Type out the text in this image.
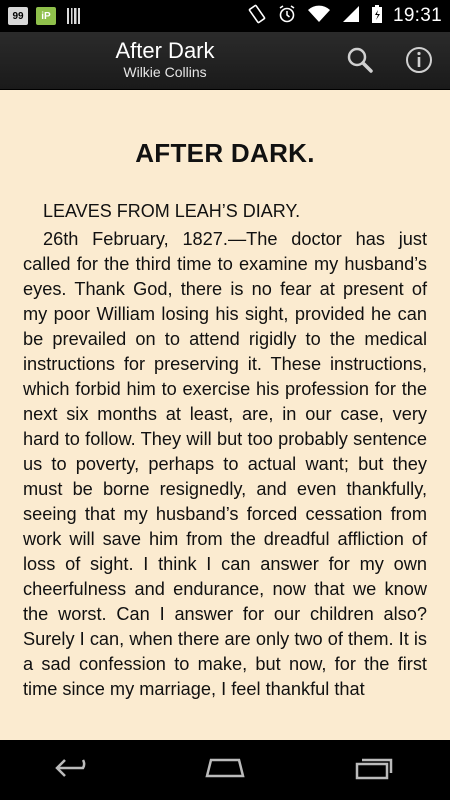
99	iP	19:31
After Dark
Wilkie Collins
AFTER DARK.
LEAVES FROM LEAH’S DIARY.
26th February, 1827.—The doctor has just called for the third time to examine my husband’s eyes. Thank God, there is no fear at present of my poor William losing his sight, provided he can be prevailed on to attend rigidly to the medical instructions for preserving it. These instructions, which forbid him to exercise his profession for the next six months at least, are, in our case, very hard to follow. They will but too probably sentence us to poverty, perhaps to actual want; but they must be borne resignedly, and even thankfully, seeing that my husband’s forced cessation from work will save him from the dreadful affliction of loss of sight. I think I can answer for my own cheerfulness and endurance, now that we know the worst. Can I answer for our children also? Surely I can, when there are only two of them. It is a sad confession to make, but now, for the first time since my marriage, I feel thankful that
